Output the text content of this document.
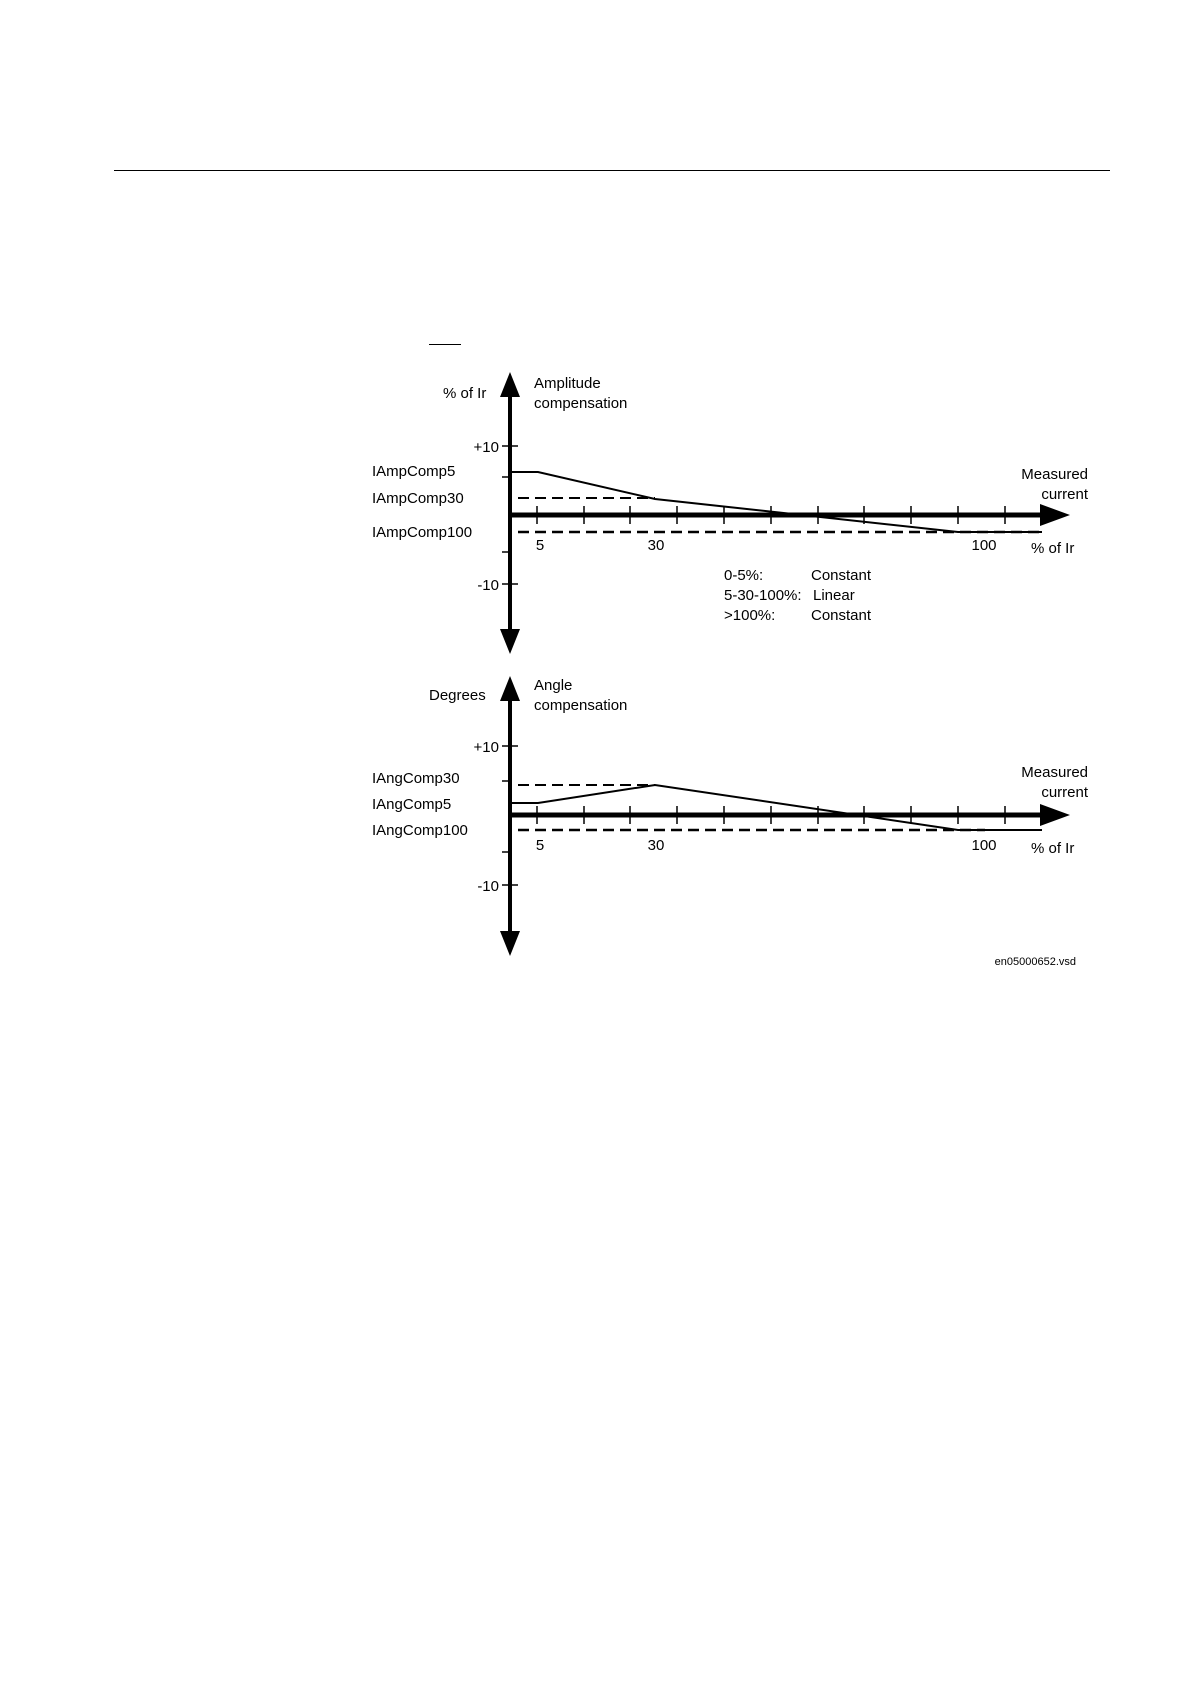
% of Ir
Amplitude
compensation
+10
-10
IAmpComp5
IAmpComp30
IAmpComp100
Measured
current
5	30	100 % of Ir
0-5%:	Constant
5-30-100%: Linear
>100%: Constant
Degrees
Angle
compensation
+10
-10
IAngComp30
IAngComp5
IAngComp100
Measured
current
5	30	100 % of Ir
en05000652.vsd
